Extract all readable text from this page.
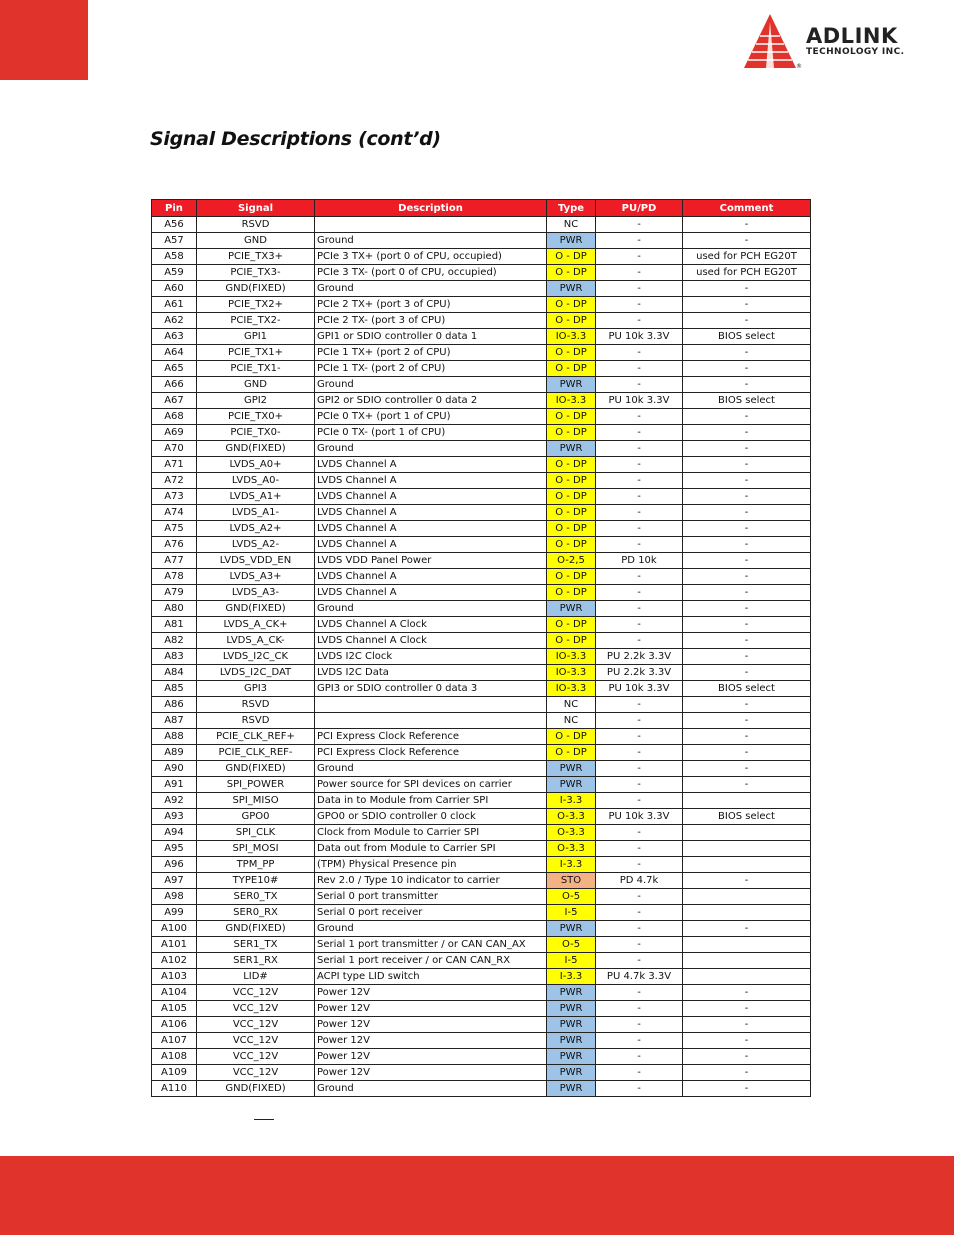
ADLINK
TECHNOLOGY INC.
®
Signal Descriptions (cont’d)
Pin	Signal	Description	Type	PU/PD	Comment
A56	RSVD		NC	-	-
A57	GND	Ground	PWR	-	-
A58	PCIE_TX3+	PCIe 3 TX+ (port 0 of CPU, occupied)	O - DP	-	used for PCH EG20T
A59	PCIE_TX3-	PCIe 3 TX- (port 0 of CPU, occupied)	O - DP	-	used for PCH EG20T
A60	GND(FIXED)	Ground	PWR	-	-
A61	PCIE_TX2+	PCIe 2 TX+ (port 3 of CPU)	O - DP	-	-
A62	PCIE_TX2-	PCIe 2 TX- (port 3 of CPU)	O - DP	-	-
A63	GPI1	GPI1 or SDIO controller 0 data 1	IO-3.3	PU 10k 3.3V	BIOS select
A64	PCIE_TX1+	PCIe 1 TX+ (port 2 of CPU)	O - DP	-	-
A65	PCIE_TX1-	PCIe 1 TX- (port 2 of CPU)	O - DP	-	-
A66	GND	Ground	PWR	-	-
A67	GPI2	GPI2 or SDIO controller 0 data 2	IO-3.3	PU 10k 3.3V	BIOS select
A68	PCIE_TX0+	PCIe 0 TX+ (port 1 of CPU)	O - DP	-	-
A69	PCIE_TX0-	PCIe 0 TX- (port 1 of CPU)	O - DP	-	-
A70	GND(FIXED)	Ground	PWR	-	-
A71	LVDS_A0+	LVDS Channel A	O - DP	-	-
A72	LVDS_A0-	LVDS Channel A	O - DP	-	-
A73	LVDS_A1+	LVDS Channel A	O - DP	-	-
A74	LVDS_A1-	LVDS Channel A	O - DP	-	-
A75	LVDS_A2+	LVDS Channel A	O - DP	-	-
A76	LVDS_A2-	LVDS Channel A	O - DP	-	-
A77	LVDS_VDD_EN	LVDS VDD Panel Power	O-2,5	PD 10k	-
A78	LVDS_A3+	LVDS Channel A	O - DP	-	-
A79	LVDS_A3-	LVDS Channel A	O - DP	-	-
A80	GND(FIXED)	Ground	PWR	-	-
A81	LVDS_A_CK+	LVDS Channel A Clock	O - DP	-	-
A82	LVDS_A_CK-	LVDS Channel A Clock	O - DP	-	-
A83	LVDS_I2C_CK	LVDS I2C Clock	IO-3.3	PU 2.2k 3.3V	-
A84	LVDS_I2C_DAT	LVDS I2C Data	IO-3.3	PU 2.2k 3.3V	-
A85	GPI3	GPI3 or SDIO controller 0 data 3	IO-3.3	PU 10k 3.3V	BIOS select
A86	RSVD		NC	-	-
A87	RSVD		NC	-	-
A88	PCIE_CLK_REF+	PCI Express Clock Reference	O - DP	-	-
A89	PCIE_CLK_REF-	PCI Express Clock Reference	O - DP	-	-
A90	GND(FIXED)	Ground	PWR	-	-
A91	SPI_POWER	Power source for SPI devices on carrier	PWR	-	-
A92	SPI_MISO	Data in to Module from Carrier SPI	I-3.3	-	
A93	GPO0	GPO0 or SDIO controller 0 clock	O-3.3	PU 10k 3.3V	BIOS select
A94	SPI_CLK	Clock from Module to Carrier SPI	O-3.3	-	
A95	SPI_MOSI	Data out from Module to Carrier SPI	O-3.3	-	
A96	TPM_PP	(TPM) Physical Presence pin	I-3.3	-	
A97	TYPE10#	Rev 2.0 / Type 10 indicator to carrier	STO	PD 4.7k	-
A98	SER0_TX	Serial 0 port transmitter	O-5	-	
A99	SER0_RX	Serial 0 port receiver	I-5	-	
A100	GND(FIXED)	Ground	PWR	-	-
A101	SER1_TX	Serial 1 port transmitter / or CAN CAN_AX	O-5	-	
A102	SER1_RX	Serial 1 port receiver / or CAN CAN_RX	I-5	-	
A103	LID#	ACPI type LID switch	I-3.3	PU 4.7k 3.3V	
A104	VCC_12V	Power 12V	PWR	-	-
A105	VCC_12V	Power 12V	PWR	-	-
A106	VCC_12V	Power 12V	PWR	-	-
A107	VCC_12V	Power 12V	PWR	-	-
A108	VCC_12V	Power 12V	PWR	-	-
A109	VCC_12V	Power 12V	PWR	-	-
A110	GND(FIXED)	Ground	PWR	-	-
